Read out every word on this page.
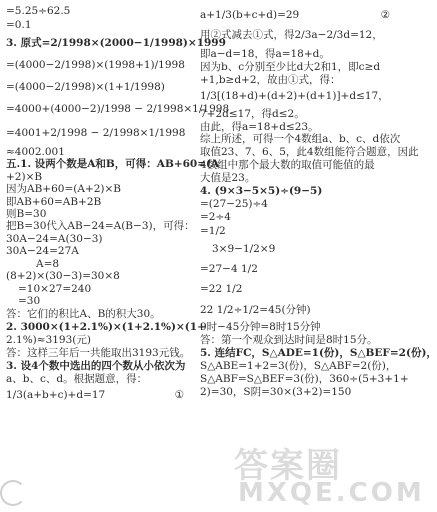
=5.25÷62.5
=0.1
3. 原式=2/1998×(2000−1/1998)×1999
=(4000−2/1998)×(1998+1)/1998
=(4000−2/1998)×(1+1/1998)
=4000+(4000−2)/1998 − 2/1998×1/1998
=4001+2/1998 − 2/1998×1/1998
≈4002.001
五.1. 设两个数是A和B，可得：AB+60=(A
+2)×B
因为AB+60=(A+2)×B
即AB+60=AB+2B
则B=30
把B=30代入AB−24=A(B−3)，可得：
30A−24=A(30−3)
30A−24=27A
A=8
(8+2)×(30−3)=30×8
=10×27=240
=30
答：它们的积比A、B的积大30。
2. 3000×(1+2.1%)×(1+2.1%)×(1+
2.1%)≈3193(元)
答：这样三年后一共能取出3193元钱。
3. 设4个数中选出的四个数从小依次为
a、b、c、d。根据题意，得：
1/3(a+b+c)+d=17	①
a+1/3(b+c+d)=29
用②式减去①式，得2/3a−2/3d=12，
即a−d=18，得a=18+d。
因为b、c分别至少比d大2和1，即c≥d
+1,b≥d+2，故由①式，得：
1/3[(18+d)+(d+2)+(d+1)]+d≤17，
7+2d≤17，得d≤2。
由此，得a=18+d≤23。
综上所述，可得一个4数组a、b、c、d依次
取值23、7、6、5，此4数组能符合题意，因此
4数组中那个最大数的取值可能值的最
大值是23。
4. (9×3−5×5)÷(9−5)
=(27−25)÷4
=2÷4
=1/2
3×9−1/2×9
=27−4 1/2
=22 1/2
22 1/2÷1/2=45(分钟)
9时−45分钟=8时15分钟
答：第一个观众到达时间是8时15分。
5. 连结FC，S△ADE=1(份)，S△BEF=2(份)，
S△ABE=1+2=3(份)，S△ABF=2(份)，
S△ABF=S△BEF=3(份)，360÷(5+3+1+
2)=30，S阴=30×(3+2)=150
②
答案圈
MXQE.COM
